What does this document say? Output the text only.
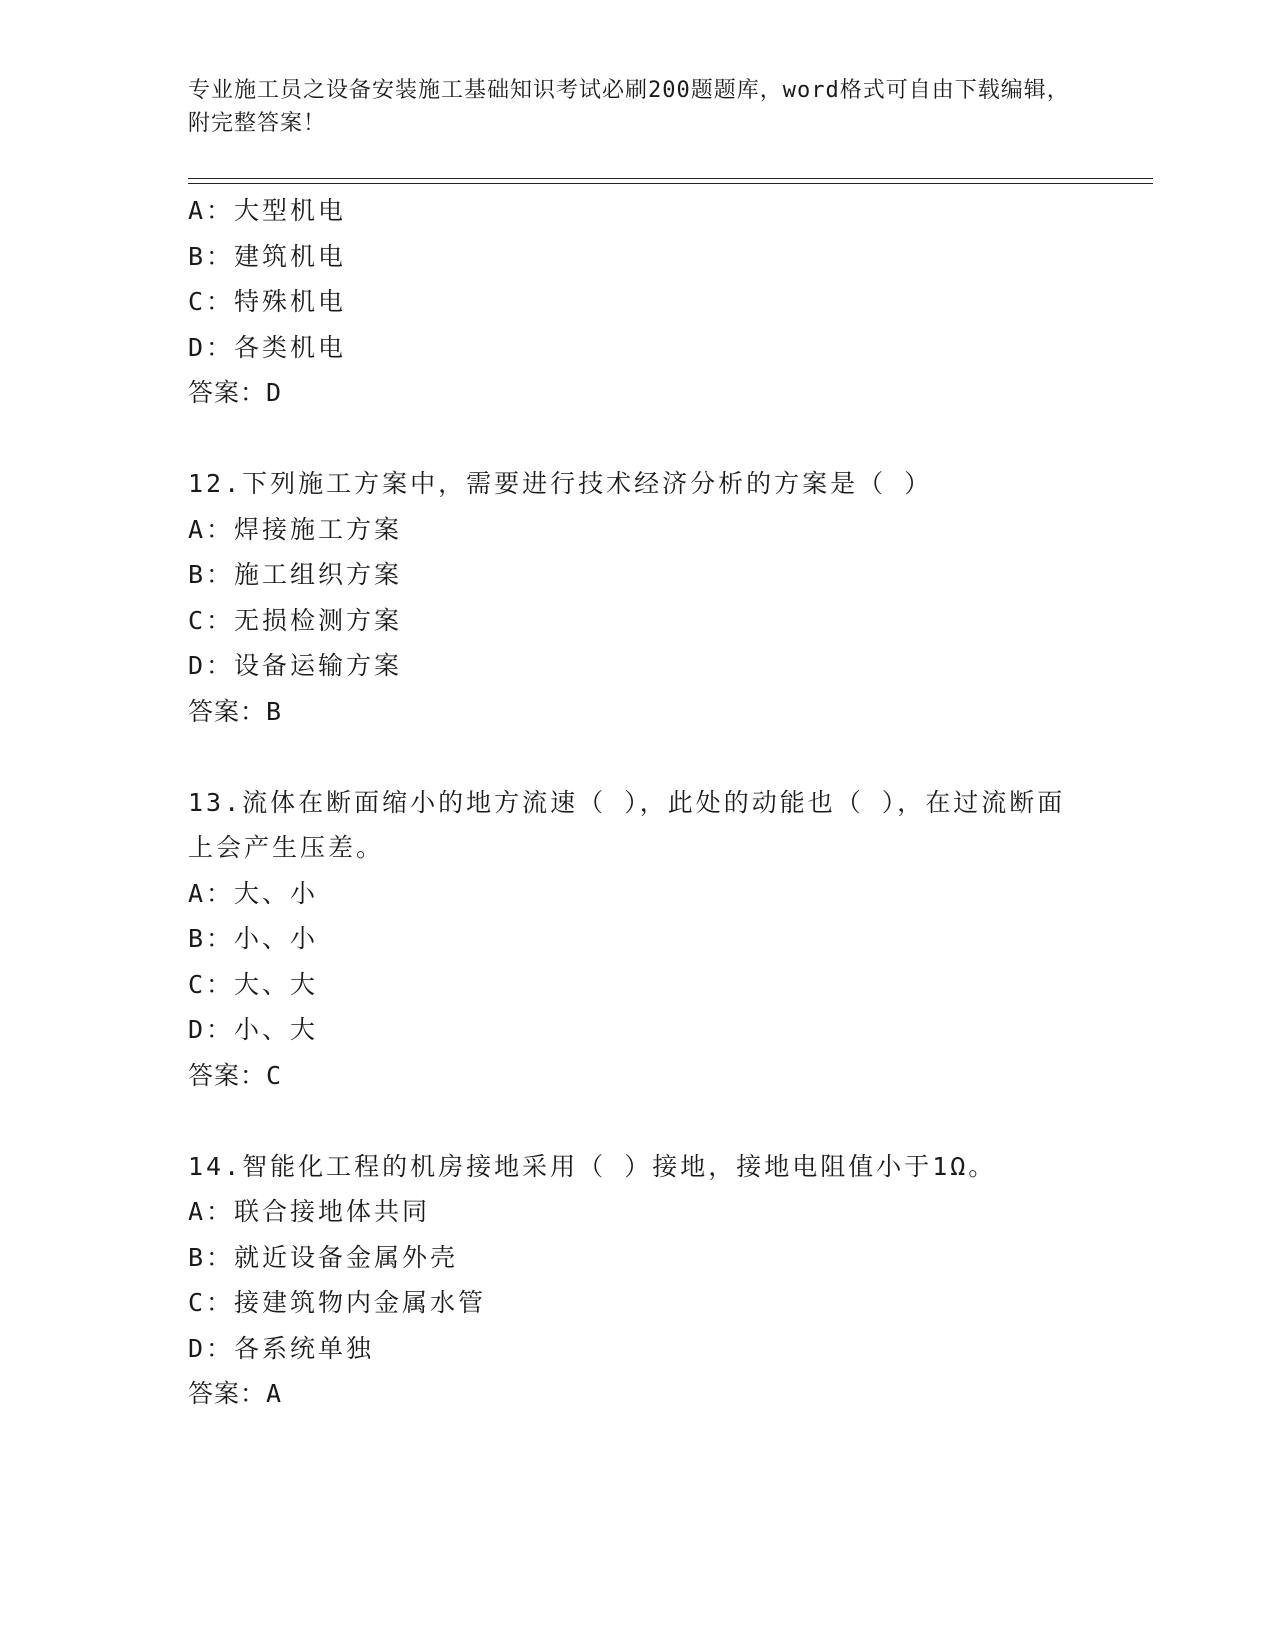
专业施工员之设备安装施工基础知识考试必刷200题题库，word格式可自由下载编辑，附完整答案！
A：大型机电
B：建筑机电
C：特殊机电
D：各类机电
答案：D
12.下列施工方案中，需要进行技术经济分析的方案是（ ）
A：焊接施工方案
B：施工组织方案
C：无损检测方案
D：设备运输方案
答案：B
13.流体在断面缩小的地方流速（ ），此处的动能也（ ），在过流断面上会产生压差。
A：大、小
B：小、小
C：大、大
D：小、大
答案：C
14.智能化工程的机房接地采用（ ）接地，接地电阻值小于1Ω。
A：联合接地体共同
B：就近设备金属外壳
C：接建筑物内金属水管
D：各系统单独
答案：A
